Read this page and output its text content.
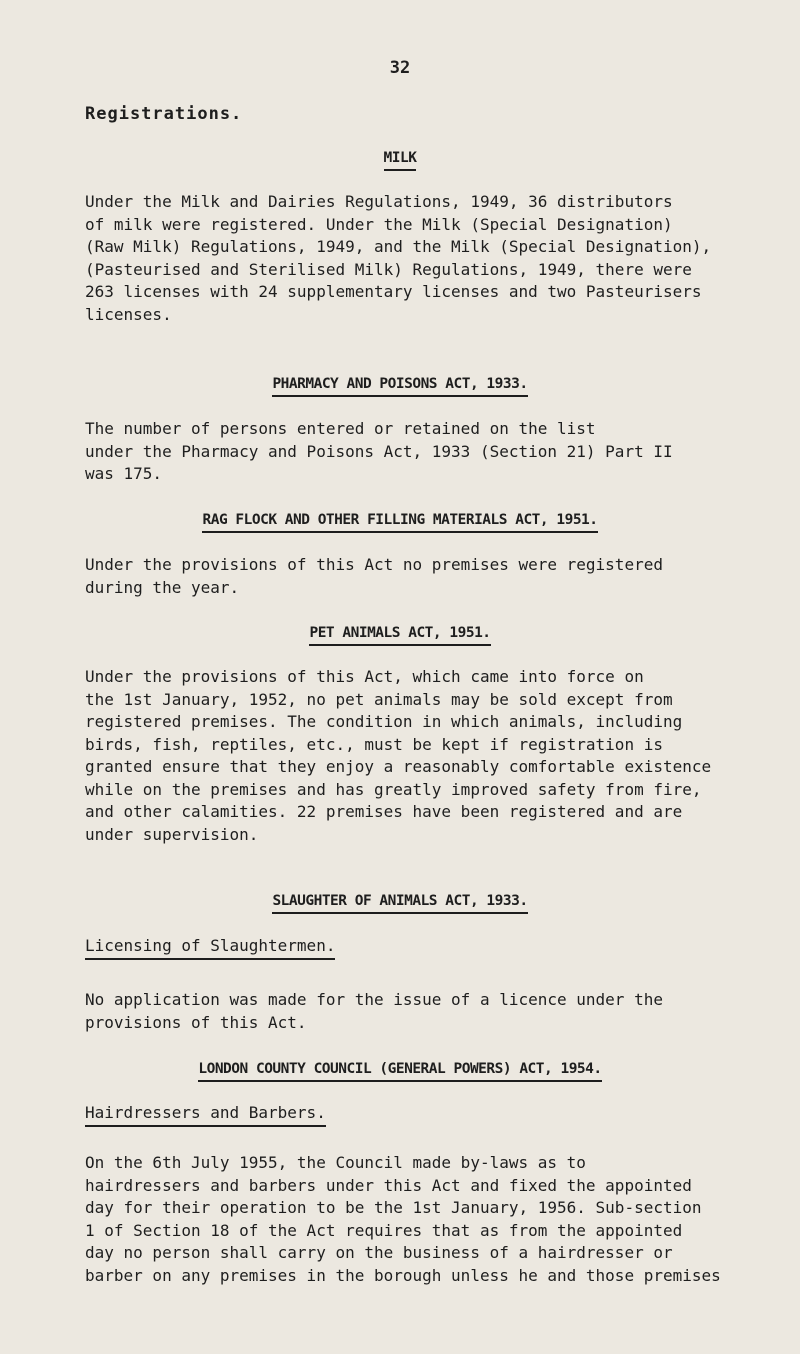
32
Registrations.
MILK
Under the Milk and Dairies Regulations, 1949, 36 distributors
of milk were registered. Under the Milk (Special Designation)
(Raw Milk) Regulations, 1949, and the Milk (Special Designation),
(Pasteurised and Sterilised Milk) Regulations, 1949, there were
263 licenses with 24 supplementary licenses and two Pasteurisers
licenses.
PHARMACY AND POISONS ACT, 1933.
The number of persons entered or retained on the list
under the Pharmacy and Poisons Act, 1933 (Section 21) Part II
was 175.
RAG FLOCK AND OTHER FILLING MATERIALS ACT, 1951.
Under the provisions of this Act no premises were registered
during the year.
PET ANIMALS ACT, 1951.
Under the provisions of this Act, which came into force on
the 1st January, 1952, no pet animals may be sold except from
registered premises. The condition in which animals, including
birds, fish, reptiles, etc., must be kept if registration is
granted ensure that they enjoy a reasonably comfortable existence
while on the premises and has greatly improved safety from fire,
and other calamities. 22 premises have been registered and are
under supervision.
SLAUGHTER OF ANIMALS ACT, 1933.
Licensing of Slaughtermen.
No application was made for the issue of a licence under the
provisions of this Act.
LONDON COUNTY COUNCIL (GENERAL POWERS) ACT, 1954.
Hairdressers and Barbers.
On the 6th July 1955, the Council made by-laws as to
hairdressers and barbers under this Act and fixed the appointed
day for their operation to be the 1st January, 1956. Sub-section
1 of Section 18 of the Act requires that as from the appointed
day no person shall carry on the business of a hairdresser or
barber on any premises in the borough unless he and those premises
